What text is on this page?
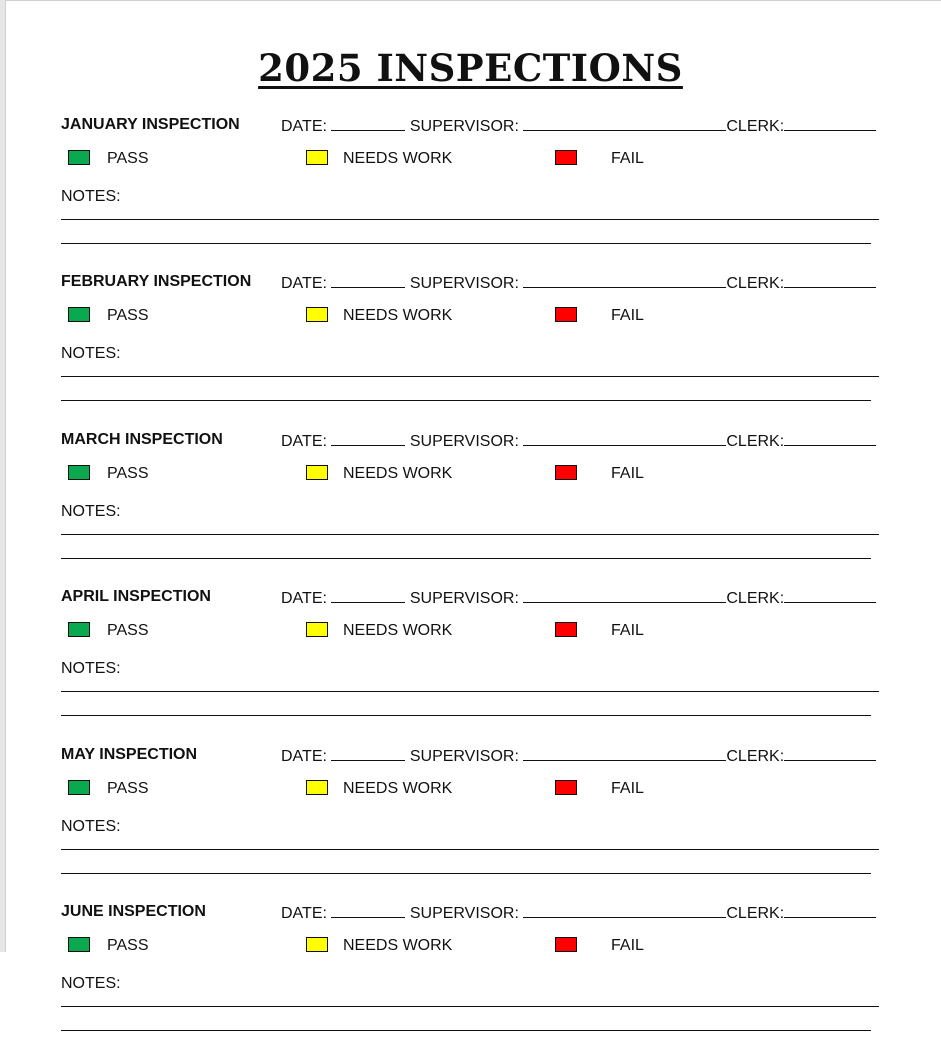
2025 INSPECTIONS
JANUARY INSPECTION	DATE:	SUPERVISOR:	CLERK:
PASS	NEEDS WORK	FAIL
NOTES:
FEBRUARY INSPECTION DATE:	SUPERVISOR:	CLERK:
PASS	NEEDS WORK	FAIL
NOTES:
MARCH INSPECTION	DATE:	SUPERVISOR:	CLERK:
PASS	NEEDS WORK	FAIL
NOTES:
APRIL INSPECTION	DATE:	SUPERVISOR:	CLERK:
PASS	NEEDS WORK	FAIL
NOTES:
MAY INSPECTION	DATE:	SUPERVISOR:	CLERK:
PASS	NEEDS WORK	FAIL
NOTES:
JUNE INSPECTION	DATE:	SUPERVISOR:	CLERK:
PASS	NEEDS WORK	FAIL
NOTES:
